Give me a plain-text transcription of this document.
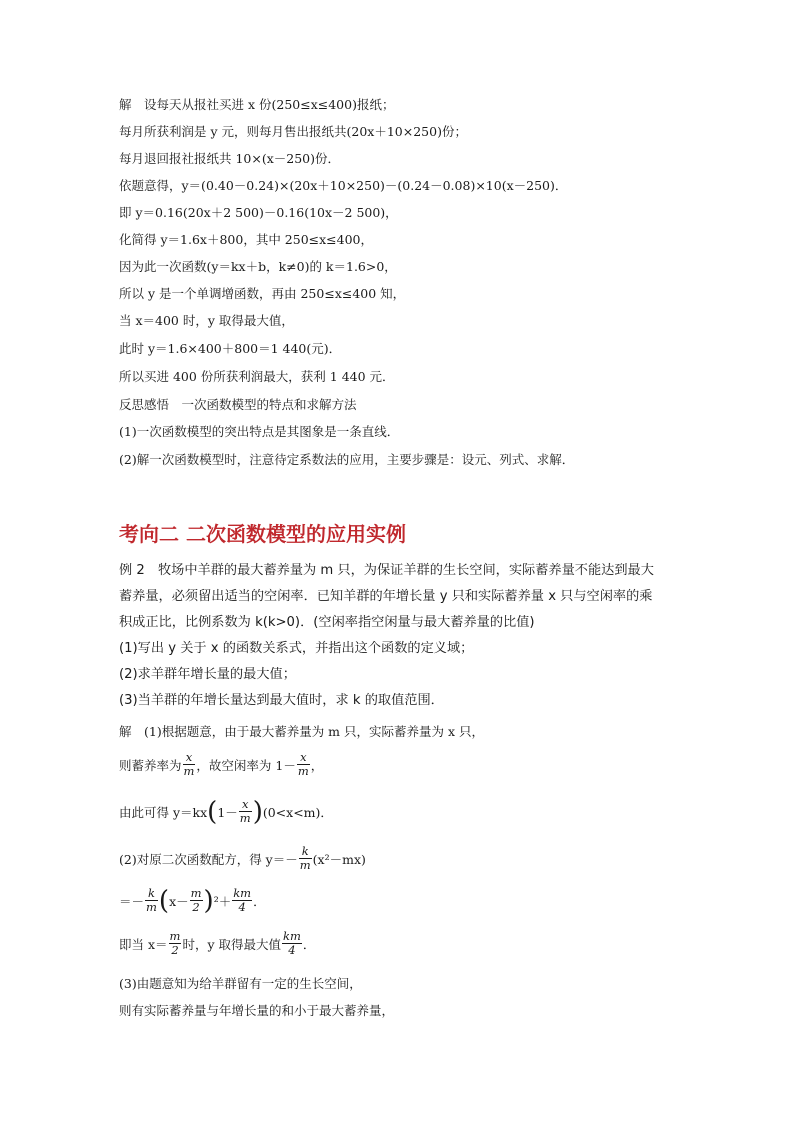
解　设每天从报社买进 x 份(250≤x≤400)报纸；
每月所获利润是 y 元，则每月售出报纸共(20x＋10×250)份；
每月退回报社报纸共 10×(x－250)份．
依题意得，y＝(0.40－0.24)×(20x＋10×250)－(0.24－0.08)×10(x－250)．
即 y＝0.16(20x＋2 500)－0.16(10x－2 500)，
化简得 y＝1.6x＋800，其中 250≤x≤400，
因为此一次函数(y＝kx＋b，k≠0)的 k＝1.6>0，
所以 y 是一个单调增函数，再由 250≤x≤400 知，
当 x＝400 时，y 取得最大值，
此时 y＝1.6×400＋800＝1 440(元)．
所以买进 400 份所获利润最大，获利 1 440 元．
反思感悟　一次函数模型的特点和求解方法
(1)一次函数模型的突出特点是其图象是一条直线．
(2)解一次函数模型时，注意待定系数法的应用，主要步骤是：设元、列式、求解．
考向二 二次函数模型的应用实例
例 2　牧场中羊群的最大蓄养量为 m 只，为保证羊群的生长空间，实际蓄养量不能达到最大
蓄养量，必须留出适当的空闲率．已知羊群的年增长量 y 只和实际蓄养量 x 只与空闲率的乘
积成正比，比例系数为 k(k>0)．(空闲率指空闲量与最大蓄养量的比值)
(1)写出 y 关于 x 的函数关系式，并指出这个函数的定义域；
(2)求羊群年增长量的最大值；
(3)当羊群的年增长量达到最大值时，求 k 的取值范围．
解　(1)根据题意，由于最大蓄养量为 m 只，实际蓄养量为 x 只，
则蓄养率为 $\frac{x}{m}$ ，故空闲率为 $1- \frac{x}{m}$ ，
由此可得 y＝kx ( $1- \frac{x}{m}$ ) (0<x<m)．
(2)对原二次函数配方，得 $y=- \frac{k}{m} (x^2-mx)$
＝－ $\frac{k}{m}$ ( $x- \frac{m}{2}$ ) $^2+ \frac{km}{4}$ ．
即当 $x= \frac{m}{2}$ 时，y 取得最大值 $\frac{km}{4}$ ．
(3)由题意知为给羊群留有一定的生长空间，
则有实际蓄养量与年增长量的和小于最大蓄养量，
